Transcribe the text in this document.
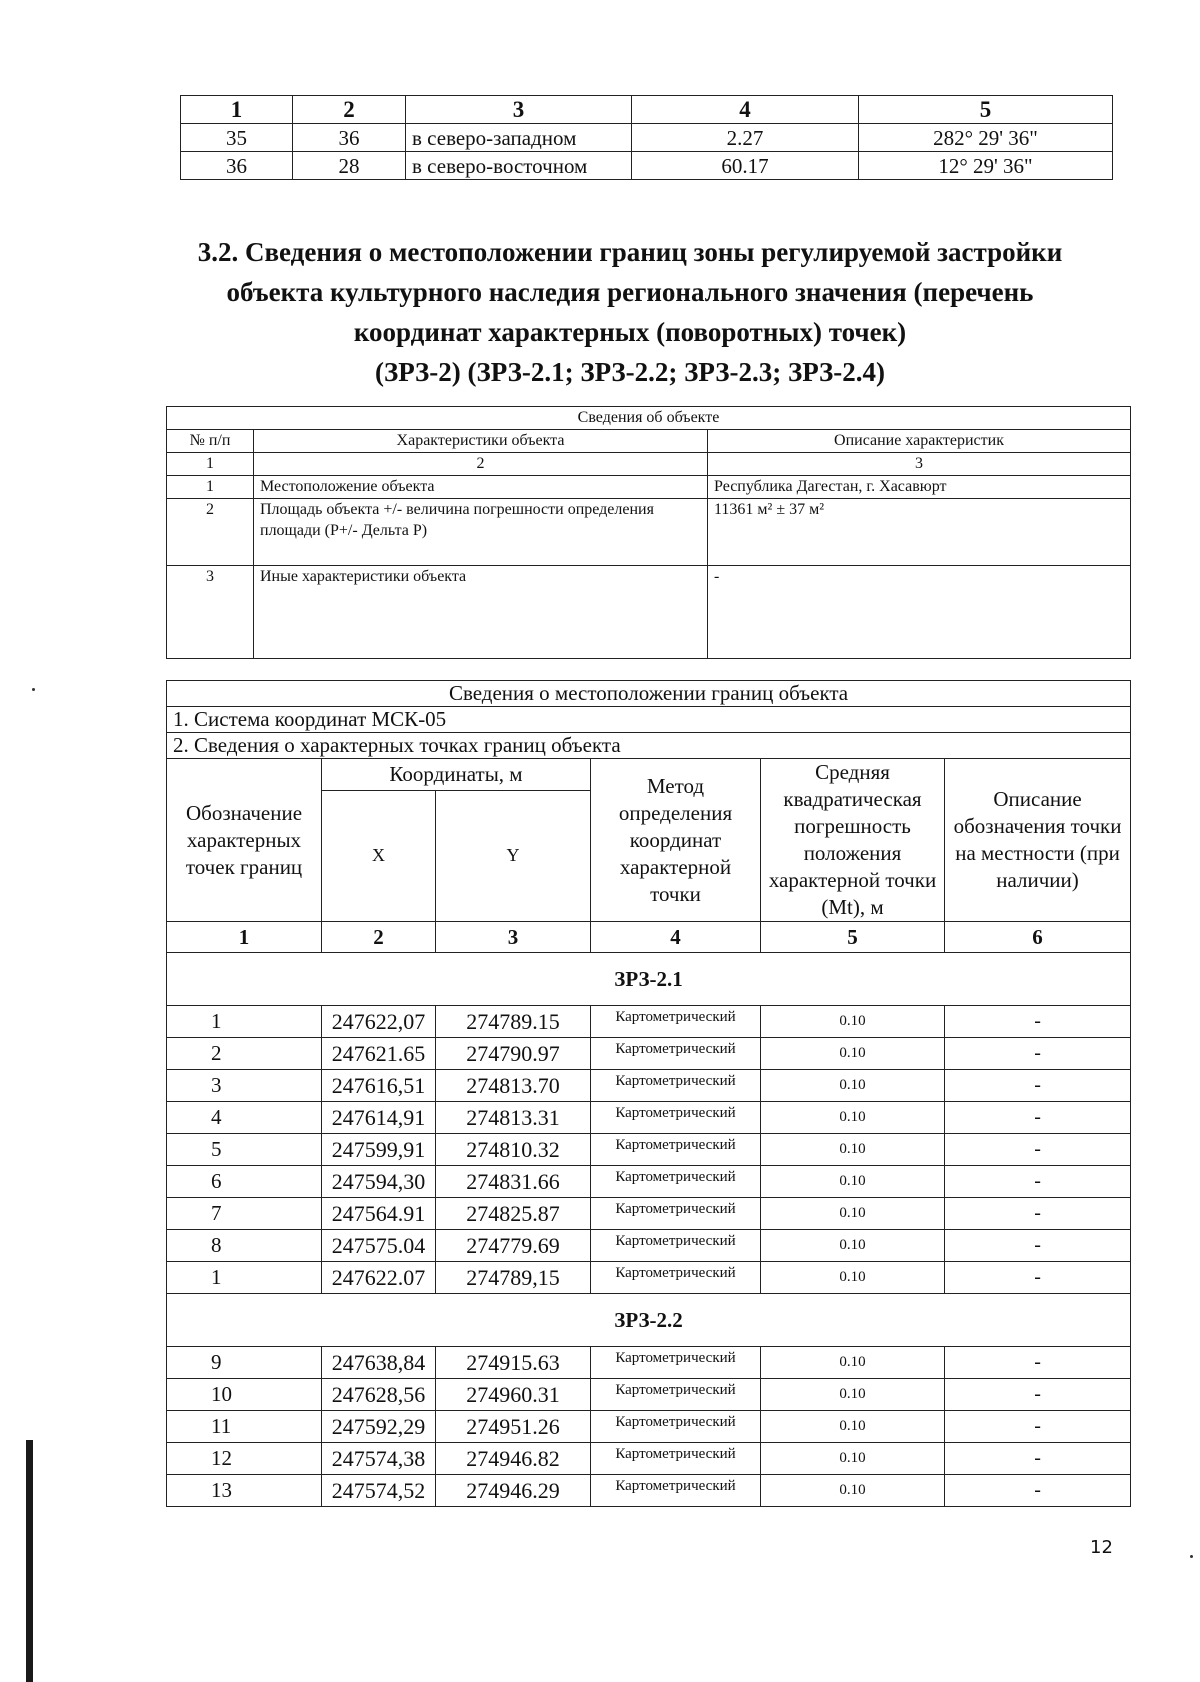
1	2	3	4	5
35	36	в северо-западном	2.27	282° 29' 36"
36	28	в северо-восточном	60.17	12° 29' 36"
3.2. Сведения о местоположении границ зоны регулируемой застройки
объекта культурного наследия регионального значения (перечень
координат характерных (поворотных) точек)
(ЗРЗ-2) (ЗРЗ-2.1; ЗРЗ-2.2; ЗРЗ-2.3; ЗРЗ-2.4)
Сведения об объекте		
№ п/п	Характеристики объекта	Описание характеристик
1	2	3
1	Местоположение объекта	Республика Дагестан, г. Хасавюрт
2	Площадь объекта +/- величина погрешности определения площади (Р+/- Дельта Р)	11361 м² ± 37 м²
3	Иные характеристики объекта	-
Сведения о местоположении границ объекта					
1. Система координат МСК-05					
2. Сведения о характерных точках границ объекта					
Обозначение характерных точек границ	Координаты, м		Метод определения координат характерной точки	Средняя квадратическая погрешность положения характерной точки (Mt), м	Описание обозначения точки на местности (при наличии)
	X	Y			
1	2	3	4	5	6
ЗРЗ-2.1					
1	247622,07	274789.15	Картометрический	0.10	-
2	247621.65	274790.97	Картометрический	0.10	-
3	247616,51	274813.70	Картометрический	0.10	-
4	247614,91	274813.31	Картометрический	0.10	-
5	247599,91	274810.32	Картометрический	0.10	-
6	247594,30	274831.66	Картометрический	0.10	-
7	247564.91	274825.87	Картометрический	0.10	-
8	247575.04	274779.69	Картометрический	0.10	-
1	247622.07	274789,15	Картометрический	0.10	-
ЗРЗ-2.2					
9	247638,84	274915.63	Картометрический	0.10	-
10	247628,56	274960.31	Картометрический	0.10	-
11	247592,29	274951.26	Картометрический	0.10	-
12	247574,38	274946.82	Картометрический	0.10	-
13	247574,52	274946.29	Картометрический	0.10	-
12
